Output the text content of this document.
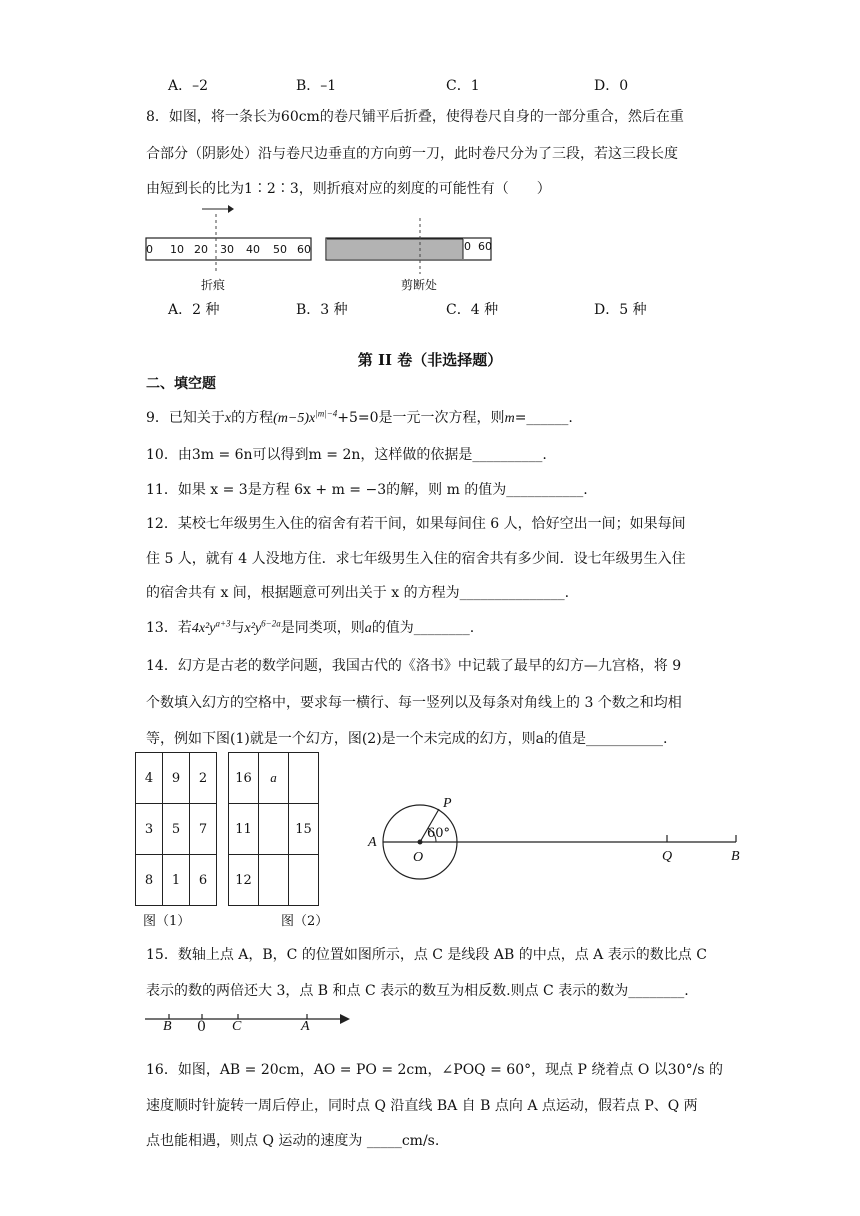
A．–2	B．–1	C．1	D．0
8．如图，将一条长为60cm的卷尺铺平后折叠，使得卷尺自身的一部分重合，然后在重
合部分（阴影处）沿与卷尺边垂直的方向剪一刀，此时卷尺分为了三段，若这三段长度
由短到长的比为1∶2∶3，则折痕对应的刻度的可能性有（　　）
0 10 20 30 40 50 60	0  60
折痕	剪断处
A．2 种	B．3 种	C．4 种	D．5 种
第 II 卷（非选择题）
二、填空题
9．已知关于x的方程$(m-5)x^{|m|-4}+5=0$是一元一次方程，则m=______.
10．由3m = 6n可以得到m = 2n，这样做的依据是__________.
11．如果 x = 3是方程 6x + m = −3的解，则 m 的值为___________.
12．某校七年级男生入住的宿舍有若干间，如果每间住 6 人，恰好空出一间；如果每间
住 5 人，就有 4 人没地方住．求七年级男生入住的宿舍共有多少间．设七年级男生入住
的宿舍共有 x 间，根据题意可列出关于 x 的方程为_______________.
13．若$4x^2y^{a+3}$与$x^2y^{6-2a}$是同类项，则a的值为________.
14．幻方是古老的数学问题，我国古代的《洛书》中记载了最早的幻方—九宫格，将 9
个数填入幻方的空格中，要求每一横行、每一竖列以及每条对角线上的 3 个数之和均相
等，例如下图(1)就是一个幻方，图(2)是一个未完成的幻方，则a的值是___________.
4	9	2
3	5	7
8	1	6
16	a	
11		15
12		
图（1）	图（2）
A
P
O
60°
Q	B
15．数轴上点 A，B，C 的位置如图所示，点 C 是线段 AB 的中点，点 A 表示的数比点 C
表示的数的两倍还大 3，点 B 和点 C 表示的数互为相反数.则点 C 表示的数为________.
B 0 C	A
16．如图，AB = 20cm，AO = PO = 2cm，∠POQ = 60°，现点 P 绕着点 O 以30°/s 的
速度顺时针旋转一周后停止，同时点 Q 沿直线 BA 自 B 点向 A 点运动，假若点 P、Q 两
点也能相遇，则点 Q 运动的速度为 _____cm/s.
